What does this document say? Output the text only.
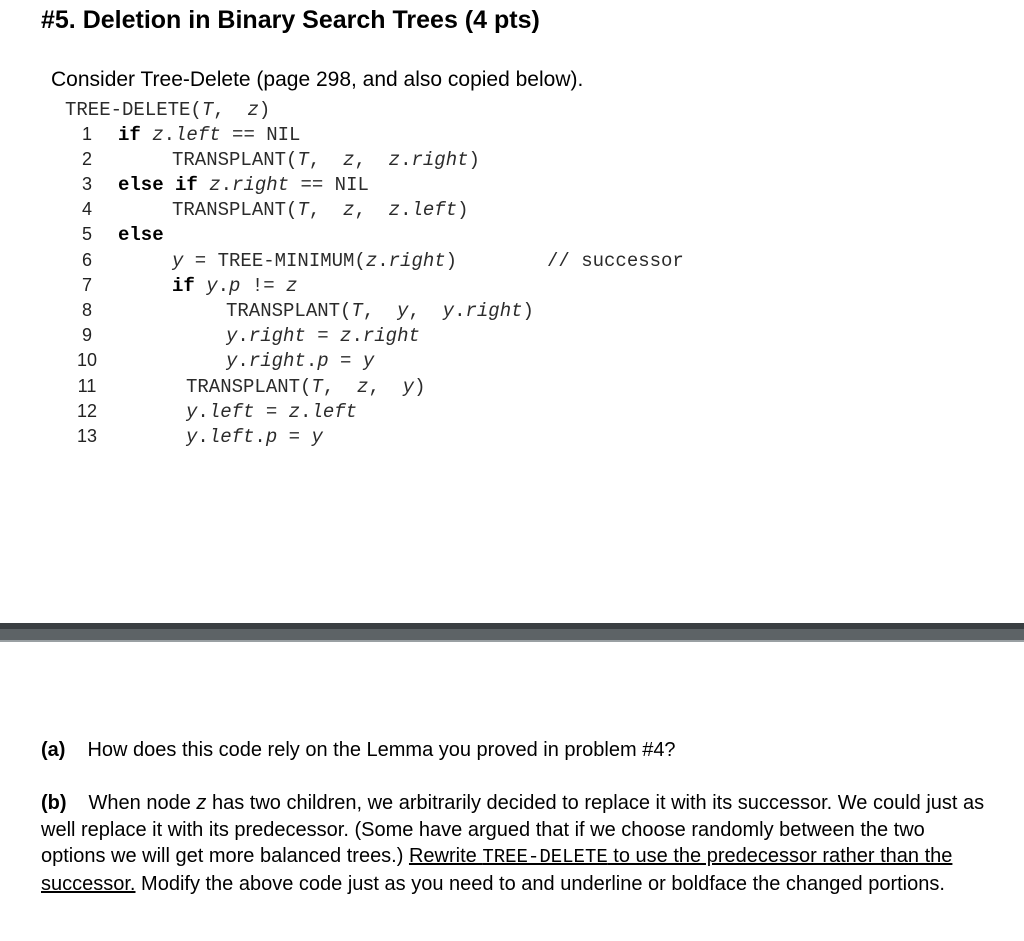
#5. Deletion in Binary Search Trees (4 pts)
Consider Tree-Delete (page 298, and also copied below).
TREE-DELETE(T,  z)
1	if z.left == NIL
2	TRANSPLANT(T,  z,  z.right)
3	else if z.right == NIL
4	TRANSPLANT(T,  z,  z.left)
5	else
6	y = TREE-MINIMUM(z.right)	// successor
7	if y.p != z
8	TRANSPLANT(T,  y,  y.right)
9	y.right = z.right
10	y.right.p = y
11	TRANSPLANT(T,  z,  y)
12	y.left = z.left
13	y.left.p = y
(a) How does this code rely on the Lemma you proved in problem #4?
(b) When node z has two children, we arbitrarily decided to replace it with its successor. We could just as well replace it with its predecessor. (Some have argued that if we choose randomly between the two options we will get more balanced trees.) Rewrite TREE-DELETE to use the predecessor rather than the successor. Modify the above code just as you need to and underline or boldface the changed portions.
